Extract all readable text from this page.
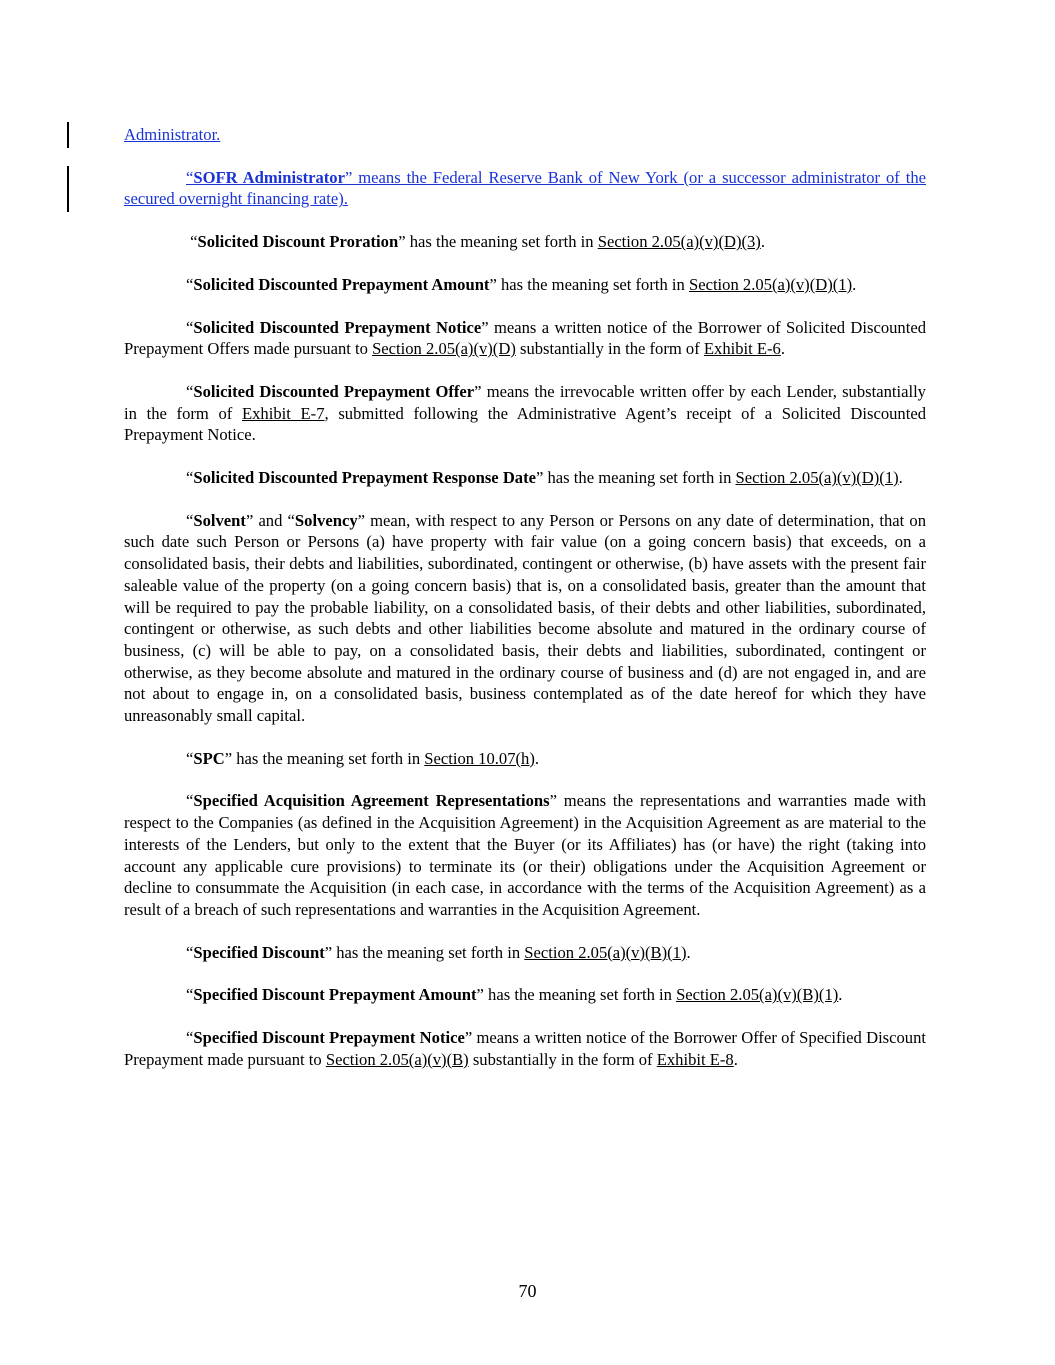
Administrator.

“SOFR Administrator” means the Federal Reserve Bank of New York (or a successor administrator of the secured overnight financing rate).

“Solicited Discount Proration” has the meaning set forth in Section 2.05(a)(v)(D)(3).

“Solicited Discounted Prepayment Amount” has the meaning set forth in Section 2.05(a)(v)(D)(1).

“Solicited Discounted Prepayment Notice” means a written notice of the Borrower of Solicited Discounted Prepayment Offers made pursuant to Section 2.05(a)(v)(D) substantially in the form of Exhibit E-6.

“Solicited Discounted Prepayment Offer” means the irrevocable written offer by each Lender, substantially in the form of Exhibit E-7, submitted following the Administrative Agent’s receipt of a Solicited Discounted Prepayment Notice.

“Solicited Discounted Prepayment Response Date” has the meaning set forth in Section 2.05(a)(v)(D)(1).

“Solvent” and “Solvency” mean, with respect to any Person or Persons on any date of determination, that on such date such Person or Persons (a) have property with fair value (on a going concern basis) that exceeds, on a consolidated basis, their debts and liabilities, subordinated, contingent or otherwise, (b) have assets with the present fair saleable value of the property (on a going concern basis) that is, on a consolidated basis, greater than the amount that will be required to pay the probable liability, on a consolidated basis, of their debts and other liabilities, subordinated, contingent or otherwise, as such debts and other liabilities become absolute and matured in the ordinary course of business, (c) will be able to pay, on a consolidated basis, their debts and liabilities, subordinated, contingent or otherwise, as they become absolute and matured in the ordinary course of business and (d) are not engaged in, and are not about to engage in, on a consolidated basis, business contemplated as of the date hereof for which they have unreasonably small capital.

“SPC” has the meaning set forth in Section 10.07(h).

“Specified Acquisition Agreement Representations” means the representations and warranties made with respect to the Companies (as defined in the Acquisition Agreement) in the Acquisition Agreement as are material to the interests of the Lenders, but only to the extent that the Buyer (or its Affiliates) has (or have) the right (taking into account any applicable cure provisions) to terminate its (or their) obligations under the Acquisition Agreement or decline to consummate the Acquisition (in each case, in accordance with the terms of the Acquisition Agreement) as a result of a breach of such representations and warranties in the Acquisition Agreement.

“Specified Discount” has the meaning set forth in Section 2.05(a)(v)(B)(1).

“Specified Discount Prepayment Amount” has the meaning set forth in Section 2.05(a)(v)(B)(1).

“Specified Discount Prepayment Notice” means a written notice of the Borrower Offer of Specified Discount Prepayment made pursuant to Section 2.05(a)(v)(B) substantially in the form of Exhibit E-8.

70
